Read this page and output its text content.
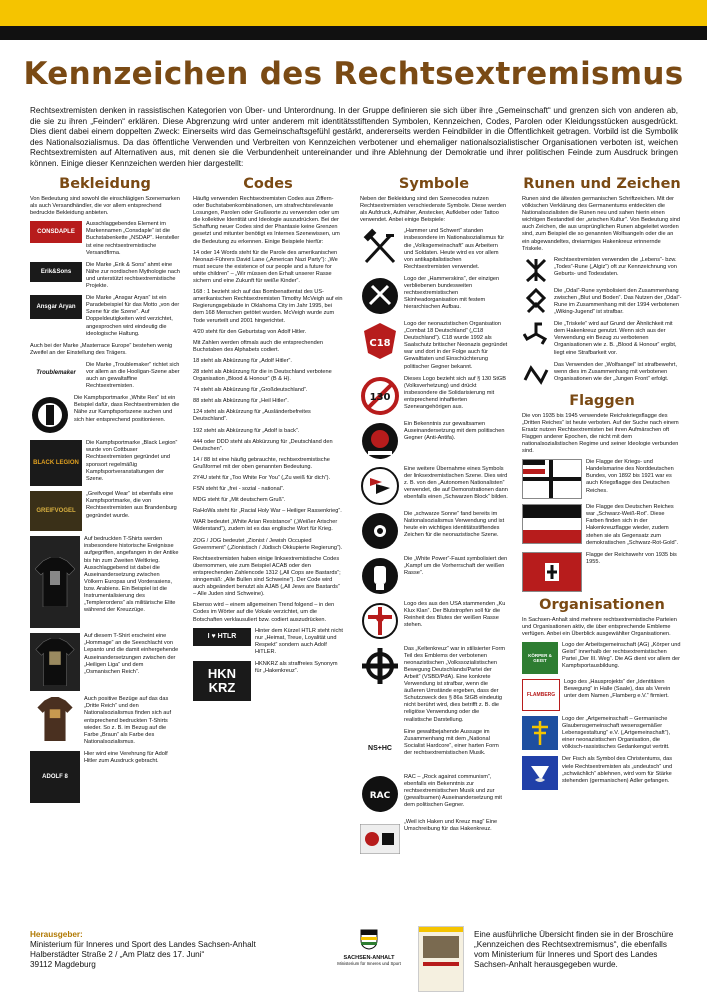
Kennzeichen des Rechtsextremismus

Rechtsextremisten denken in rassistischen Kategorien von Über- und Unterordnung. In der Gruppe definieren sie sich über ihre „Gemeinschaft“ und grenzen sich von anderen ab, die sie zu ihren „Feinden“ erklären. Diese Abgrenzung wird unter anderem mit identitätsstiftenden Symbolen, Kennzeichen, Codes, Parolen oder Kleidungsstücken ausgedrückt. Dies dient dabei einem doppelten Zweck: Einerseits wird das Gemeinschaftsgefühl gestärkt, andererseits werden Feindbilder in die Öffentlichkeit getragen. Vorbild ist die Symbolik des Nationalsozialismus. Da das öffentliche Verwenden und Verbreiten von Kennzeichen verbotener und ehemaliger nationalsozialistischer Organisationen verboten ist, weichen Rechtsextremisten auf Alternativen aus, mit denen sie die Verbundenheit untereinander und ihre Ablehnung der Demokratie und ihrer politischen Feinde zum Ausdruck bringen können. Einige dieser Kennzeichen werden hier dargestellt:

Bekleidung

Von Bedeutung sind sowohl die einschlägigen Szenemarken als auch Versandhändler, die vor allem entsprechend bedruckte Bekleidung anbieten.

CONSDAPLE

Ausschlaggebendes Element im Markennamen „Consdaple“ ist die Buchstabenkette „NSDAP“. Hersteller ist eine rechtsextremistische Versandfirma.

Erik&Sons

Die Marke „Erik & Sons“ ahmt eine Nähe zur nordischen Mythologie nach und unterstützt rechtsextremistische Projekte.

Ansgar Aryan

Die Marke „Ansgar Aryan“ ist ein Paradebeispiel für das Motto „von der Szene für die Szene“. Auf Doppeldeutigkeiten wird verzichtet, angesprochen wird eindeutig die ideologische Haltung.

Auch bei der Marke „Masterrace Europe“ bestehen wenig Zweifel an der Einstellung des Trägers.

Troublemaker

Die Marke „Troublemaker“ richtet sich vor allem an die Hooligan-Szene aber auch an gewaltaffine Rechtsextremisten.

Die Kampfsportmarke „White Rex“ ist ein Beispiel dafür, dass Rechtsextremisten die Nähe zur Kampfsportszene suchen und sich hier entsprechend positionieren.

BLACK LEGION

Die Kampfsportmarke „Black Legion“ wurde von Cottbuser Rechtsextremisten gegründet und sponsort regelmäßig Kampfsportveranstaltungen der Szene.

GREIFVOGEL

„Greifvogel Wear“ ist ebenfalls eine Kampfsportmarke, die von Rechtsextremisten aus Brandenburg gegründet wurde.

Auf bedruckten T-Shirts werden insbesondere historische Ereignisse aufgegriffen, angefangen in der Antike bis hin zum Zweiten Weltkrieg. Ausschlaggebend ist dabei die Auseinandersetzung zwischen Völkern Europas und Vorderasiens, bzw. Arabiens. Ein Beispiel ist die Instrumentalisierung des „Templerordens“ als militärische Elite während der Kreuzzüge.

Auf diesem T-Shirt erscheint eine „Hommage“ an die Seeschlacht von Lepanto und die damit einhergehende Auseinandersetzungen zwischen der „Heiligen Liga“ und dem „Osmanischen Reich“.

Auch positive Bezüge auf das das „Dritte Reich“ und den Nationalsozialismus finden sich auf entsprechend bedruckten T-Shirts wieder. So z. B. im Bezug auf die Farbe „Braun“ als Farbe des Nationalsozialismus.

ADOLF 8

Hier wird eine Verehrung für Adolf Hitler zum Ausdruck gebracht.

Codes

Häufig verwenden Rechtsextremisten Codes aus Ziffern- oder Buchstabenkombinationen, um strafrechtsrelevante Losungen, Parolen oder Grußworte zu verwenden oder um die kollektive Identität und Ideologie auszudrücken. Bei der Schaffung neuer Codes sind der Phantasie keine Grenzen gesetzt und mitunter benötigt es Internes Szenewissen, um die Bedeutung zu erkennen. Einige Beispiele hierfür:

14 oder 14 Words steht für die Parole des amerikanischen Neonazi-Führers David Lane („American Nazi Party“): „We must secure the existence of our people and a future for white children“ – „Wir müssen den Erhalt unserer Rasse sichern und eine Zukunft für weiße Kinder“.

168 : 1 bezieht sich auf das Bombenattentat des US-amerikanischen Rechtsextremisten Timothy McVeigh auf ein Regierungsgebäude in Oklahoma City im Jahr 1995, bei dem 168 Menschen getötet wurden. McVeigh wurde zum Tode verurteilt und 2001 hingerichtet.

4/20 steht für den Geburtstag von Adolf Hitler.

Mit Zahlen werden oftmals auch die entsprechenden Buchstaben des Alphabets codiert.

18 steht als Abkürzung für „Adolf Hitler“.

28 steht als Abkürzung für die in Deutschland verbotene Organisation „Blood & Honour“ (B & H).

74 steht als Abkürzung für „Großdeutschland“.

88 steht als Abkürzung für „Heil Hitler“.

124 steht als Abkürzung für „Ausländerbefreites Deutschland“.

192 steht als Abkürzung für „Adolf is back“.

444 oder DDD steht als Abkürzung für „Deutschland den Deutschen“.

14 / 88 ist eine häufig gebrauchte, rechtsextremistische Grußformel mit der oben genannten Bedeutung.

2Y4U steht für „Too White For You“ („Zu weiß für dich“).

FSN steht für „frei - sozial - national“.

MDG steht für „Mit deutschem Gruß“.

RaHoWa steht für „Racial Holy War – Heiliger Rassenkrieg“.

WAR bedeutet „White Arian Resistance“ („Weißer Arischer Widerstand“), zudem ist es das englische Wort für Krieg.

ZOG / JOG bedeutet „Zionist / Jewish Occupied Government“ („Zionistisch / Jüdisch Okkupierte Regierung“).

Rechtsextremisten haben einige linksextremistische Codes übernommen, wie zum Beispiel ACAB oder den entsprechenden Zahlencode 1312 („All Cops are Bastards“; sinngemäß: „Alle Bullen sind Schweine“). Der Code wird auch abgeändert benutzt als AJAB („All Jews are Bastards“ – Alle Juden sind Schweine).

Ebenso wird – einem allgemeinen Trend folgend – in den Codes im Wörter auf die Vokale verzichtet, um die Botschaften verklausuliert bzw. codiert auszudrücken.

I ♥ HTLR

Hinter dem Kürzel HTLR steht nicht nur „Heimat, Treue, Loyalität und Respekt“ sondern auch Adolf HiTLER.

HKN KRZ

HKNKRZ als straffreies Synonym für „Hakenkreuz“.

Symbole

Neben der Bekleidung sind den Szenecodes nutzen Rechtsextremisten verschiedenste Symbole. Diese werden als Aufdruck, Aufnäher, Anstecker, Aufkleber oder Tattoo verwendet. Anbei einige Beispiele:

„Hammer und Schwert“ standen insbesondere im Nationalsozialismus für die „Volksgemeinschaft“ aus Arbeitern und Soldaten. Heute wird es vor allem von antikapitalistischen Rechtsextremisten verwendet.

Logo der „Hammerskins“, der einzigen verbliebenen bundesweiten rechtsextremistischen Skinheadorganisation mit festem hierarchischen Aufbau.

C18

Logo der neonazistischen Organisation „Combat 18 Deutschland“ („C18 Deutschland“). C18 wurde 1992 als Saalschutz britischer Neonazis gegründet war und dort in der Folge auch für Gewalttaten und Einschüchterung politischer Gegner bekannt.

130

Dieses Logo bezieht sich auf § 130 StGB (Volksverhetzung) und drückt insbesondere die Solidarisierung mit entsprechend inhaftierten Szeneangehörigen aus.

Ein Bekenntnis zur gewaltsamen Auseinandersetzung mit dem politischen Gegner (Anti-Antifa).

Eine weitere Übernahme eines Symbols der linksextremistischen Szene. Dies wird z. B. von den „Autonomen Nationalisten“ verwendet, die auf Demonstrationen dann ebenfalls einen „Schwarzen Block“ bilden.

Die „schwarze Sonne“ fand bereits im Nationalsozialismus Verwendung und ist heute ein wichtiges identitätsstiftendes Zeichen für die neonazistische Szene.

Die „White Power“-Faust symbolisiert den „Kampf um die Vorherrschaft der weißen Rasse“.

Logo des aus den USA stammenden „Ku Klux Klan“. Der Blutstropfen soll für die Reinheit des Blutes der weißen Rasse stehen.

Das „Keltenkreuz“ war in stilisierter Form Teil des Emblems der verbotenen neonazistischen „Volkssozialistischen Bewegung Deutschlands/Partei der Arbeit“ (VSBD/PdA). Eine konkrete Verwendung ist strafbar, wenn die äußeren Umstände ergeben, dass der Schutzzweck des § 86a StGB eindeutig nicht berührt wird, dies betrifft z. B. die religiöse Verwendung oder die realistische Darstellung.

NS+HC

Eine gewaltbejahende Aussage im Zusammenhang mit dem „National Socialist Hardcore“, einer harten Form der rechtsextremistischen Musik.

RAC

RAC – „Rock against communism“, ebenfalls ein Bekenntnis zur rechtsextremistischen Musik und zur (gewaltsamen) Auseinandersetzung mit dem politischen Gegner.

„Weil ich Haken und Kreuz mag“ Eine Umschreibung für das Hakenkreuz.

Runen und Zeichen

Runen sind die ältesten germanischen Schriftzeichen. Mit der völkischen Verklärung des Germanentums entdeckten die Nationalsozialisten die Runen neu und sahen hierin einen wichtigen Bestandteil der „arischen Kultur“. Von Bedeutung sind auch Zeichen, die aus ursprünglichen Runen abgeleitet worden sind, zum Beispiel die so genannten Wolfsangeln oder die an ein abgewandeltes, dreiarmiges Hakenkreuz erinnernde Triskele.

Rechtsextremisten verwenden die „Lebens“- bzw. „Todes“-Rune („Algiz“) oft zur Kennzeichnung von Geburts- und Todesdaten.

Die „Odal“-Rune symbolisiert den Zusammenhang zwischen „Blut und Boden“. Das Nutzen der „Odal“-Rune im Zusammenhang mit der 1994 verbotenen „Wiking-Jugend“ ist strafbar.

Die „Triskele“ wird auf Grund der Ähnlichkeit mit dem Hakenkreuz genutzt. Wenn sich aus der Verwendung ein Bezug zu verbotenen Organisationen wie z. B. „Blood & Honour“ ergibt, liegt eine Strafbarkeit vor.

Das Verwenden der „Wolfsangel“ ist strafbewehrt, wenn dies im Zusammenhang mit verbotenen Organisationen wie der „Jungen Front“ erfolgt.

Flaggen

Die von 1935 bis 1945 verwendete Reichskriegsflagge des „Dritten Reiches“ ist heute verboten. Auf der Suche nach einem Ersatz nutzen Rechtsextremisten bei ihren Aufmärschen oft Flaggen anderer Epochen, die nicht mit dem nationalsozialistischen Regime und seiner Ideologie verbunden sind.

Die Flagge der Kriegs- und Handelsmarine des Norddeutschen Bundes, von 1892 bis 1921 war es auch Kriegsflagge des Deutschen Reiches.

Die Flagge des Deutschen Reiches war „Schwarz-Weiß-Rot“. Diese Farben finden sich in der Hakenkreuzflagge wieder, zudem stehen sie als Gegensatz zum demokratischen „Schwarz-Rot-Gold“.

Flagge der Reichswehr von 1935 bis 1955.

Organisationen

In Sachsen-Anhalt sind mehrere rechtsextremistische Parteien und Organisationen aktiv, die über entsprechende Embleme verfügen. Anbei ein Überblick ausgewählter Organisationen.

KÖRPER & GEIST

Logo der Arbeitsgemeinschaft (AG) „Körper und Geist“ innerhalb der rechtsextremistischen Partei „Der III. Weg“. Die AG dient vor allem der Kampfsportausbildung.

FLAMBERG

Logo des „Hausprojekts“ der „Identitären Bewegung“ in Halle (Saale), das als Verein unter dem Namen „Flamberg e.V.“ firmiert.

Logo der „Artgemeinschaft – Germanische Glaubensgemeinschaft wesensgemäßer Lebensgestaltung“ e.V. („Artgemeinschaft“), einer neonazistischen Organisation, die völkisch-rassistisches Gedankengut vertritt.

Der Fisch als Symbol des Christentums, das viele Rechtsextremisten als „undeutsch“ und „schwächlich“ ablehnen, wird vom für Stärke stehenden (germanischen) Adler gefangen.

Herausgeber:
Ministerium für Inneres und Sport des Landes Sachsen-Anhalt
Halberstädter Straße 2 / „Am Platz des 17. Juni“
39112 Magdeburg
SACHSEN-ANHALT
Ministerium für Inneres und Sport
Eine ausführliche Übersicht finden sie in der Broschüre „Kennzeichen des Rechtsextremismus“, die ebenfalls vom Ministerium für Inneres und Sport des Landes Sachsen-Anhalt herausgegeben wurde.
